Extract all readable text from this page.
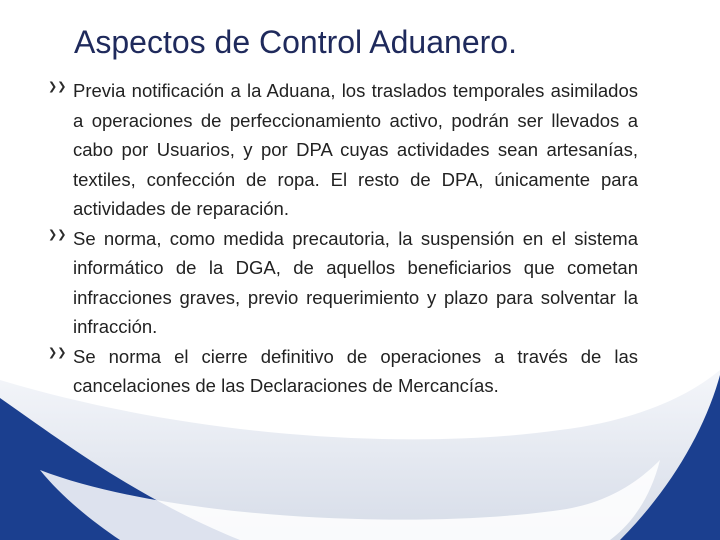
Aspectos de Control Aduanero.
❯❯ Previa notificación a la Aduana, los traslados temporales asimilados a operaciones de perfeccionamiento activo, podrán ser llevados a cabo por Usuarios, y por DPA cuyas actividades sean artesanías, textiles, confección de ropa. El resto de DPA, únicamente para actividades de reparación.
❯❯ Se norma, como medida precautoria, la suspensión en el sistema informático de la DGA, de aquellos beneficiarios que cometan infracciones graves, previo requerimiento y plazo para solventar la infracción.
❯❯ Se norma el cierre definitivo de operaciones a través de las cancelaciones de las Declaraciones de Mercancías.
